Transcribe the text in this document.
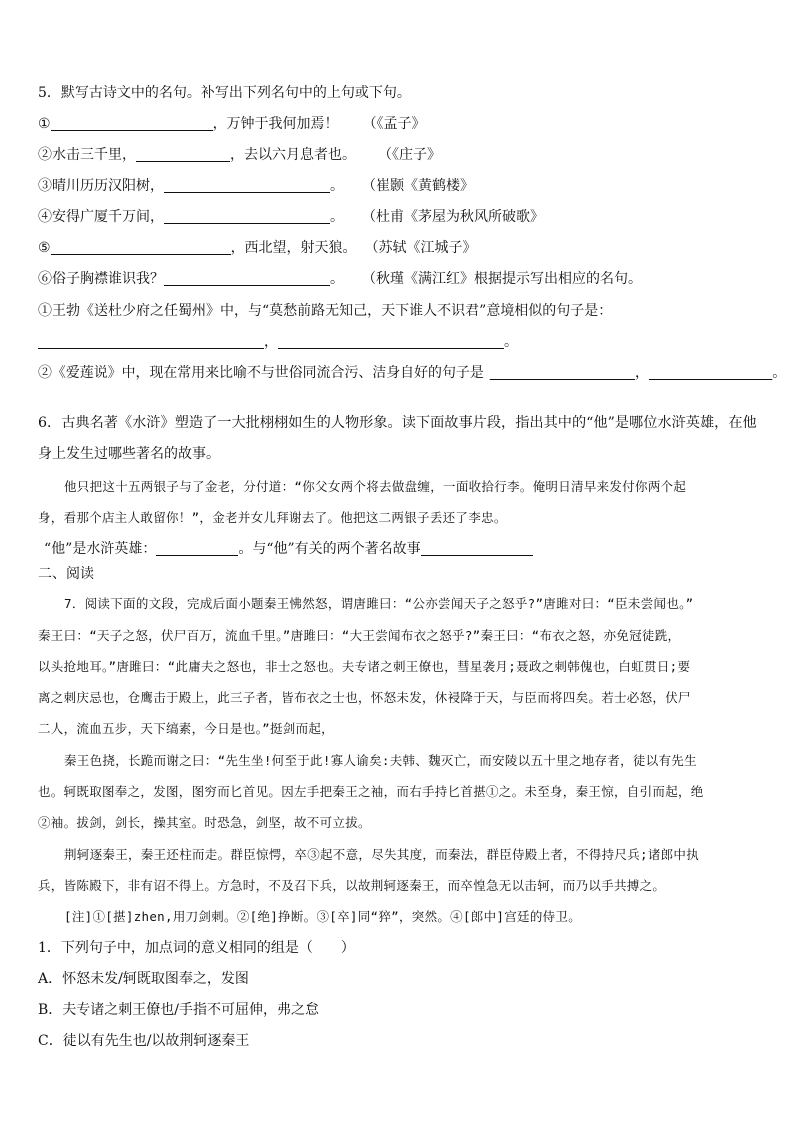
5．默写古诗文中的名句。补写出下列名句中的上句或下句。
①	，万钟于我何加焉！ （《孟子》
②水击三千里，	，去以六月息者也。 （《庄子》
③晴川历历汉阳树，	。 （崔颢《黄鹤楼》
④安得广厦千万间，	。 （杜甫《茅屋为秋风所破歌》
⑤	，西北望，射天狼。 （苏轼《江城子》
⑥俗子胸襟谁识我？	。 （秋瑾《满江红》根据提示写出相应的名句。
①王勃《送杜少府之任蜀州》中，与“莫愁前路无知己，天下谁人不识君”意境相似的句子是：
，	。
②《爱莲说》中，现在常用来比喻不与世俗同流合污、洁身自好的句子是	，	。
6．古典名著《水浒》塑造了一大批栩栩如生的人物形象。读下面故事片段，指出其中的“他”是哪位水浒英雄，在他
身上发生过哪些著名的故事。
他只把这十五两银子与了金老，分付道：“你父女两个将去做盘缠，一面收拾行李。俺明日清早来发付你两个起
身，看那个店主人敢留你！”，金老并女儿拜谢去了。他把这二两银子丢还了李忠。
“他”是水浒英雄：	。与“他”有关的两个著名故事
二、阅读
7．阅读下面的文段，完成后面小题秦王怫然怒，谓唐雎曰：“公亦尝闻天子之怒乎?”唐雎对曰：“臣未尝闻也。”
秦王曰：“天子之怒，伏尸百万，流血千里。”唐雎曰：“大王尝闻布衣之怒乎?”秦王曰：“布衣之怒，亦免冠徒跣，
以头抢地耳。”唐雎曰：“此庸夫之怒也，非士之怒也。夫专诸之刺王僚也，彗星袭月;聂政之刺韩傀也，白虹贯日;要
离之刺庆忌也，仓鹰击于殿上，此三子者，皆布衣之士也，怀怒未发，休祲降于天，与臣而将四矣。若士必怒，伏尸
二人，流血五步，天下缟素，今日是也。”挺剑而起，
秦王色挠，长跪而谢之曰：“先生坐!何至于此!寡人谕矣:夫韩、魏灭亡，而安陵以五十里之地存者，徒以有先生
也。轲既取图奉之，发图，图穷而匕首见。因左手把秦王之袖，而右手持匕首揕①之。未至身，秦王惊，自引而起，绝
②袖。拔剑，剑长，操其室。时恐急，剑坚，故不可立拔。
荆轲逐秦王，秦王还柱而走。群臣惊愕，卒③起不意，尽失其度，而秦法，群臣侍殿上者，不得持尺兵;诸郎中执
兵，皆陈殿下，非有诏不得上。方急时，不及召下兵，以故荆轲逐秦王，而卒惶急无以击轲，而乃以手共搏之。
[注]①[揕]zhen,用刀剑刺。②[绝]挣断。③[卒]同“猝”，突然。④[郎中]宫廷的侍卫。
1．下列句子中，加点词的意义相同的组是（　　）
A．怀怒未发/轲既取图奉之，发图
B．夫专诸之刺王僚也/手指不可屈伸，弗之怠
C．徒以有先生也/以故荆轲逐秦王
